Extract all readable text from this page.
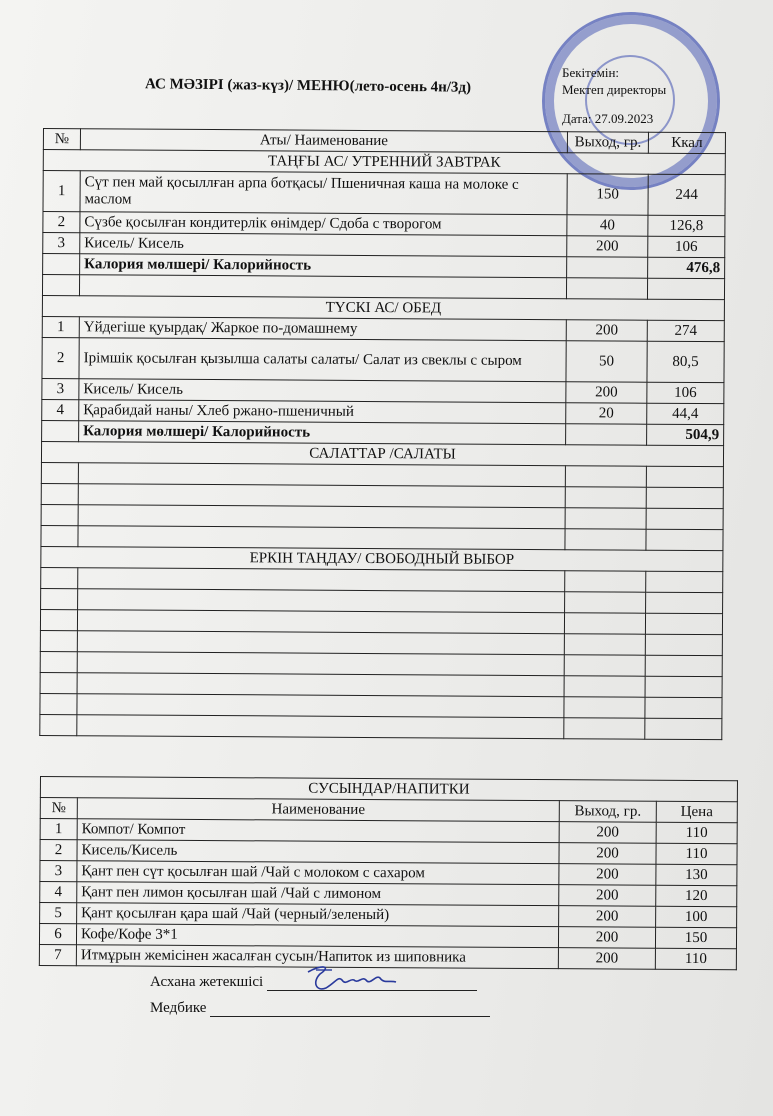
АС МӘЗІРІ (жаз-күз)/ МЕНЮ(лето-осень 4н/3д)
Бекітемін:
Мектеп директоры
Дата: 27.09.2023
№	Аты/ Наименование	Выход, гр.	Ккал
ТАҢҒЫ АС/ УТРЕННИЙ ЗАВТРАК			
1	Сүт пен май қосыллған арпа ботқасы/ Пшеничная каша на молоке с маслом	150	244
2	Сүзбе қосылған кондитерлік өнімдер/ Сдоба с творогом	40	126,8
3	Кисель/ Кисель	200	106
	Калория мөлшері/ Калорийность		476,8

ТҮСКІ АС/ ОБЕД			
1	Үйдегіше қуырдақ/ Жаркое по-домашнему	200	274
2	Ірімшік қосылған қызылша салаты салаты/ Салат из свеклы с сыром	50	80,5
3	Кисель/ Кисель	200	106
4	Қарабидай наны/ Хлеб ржано-пшеничный	20	44,4
	Калория мөлшері/ Калорийность		504,9
САЛАТТАР /САЛАТЫ			

ЕРКІН ТАҢДАУ/ СВОБОДНЫЙ ВЫБОР			

СУСЫНДАР/НАПИТКИ			
№	Наименование	Выход, гр.	Цена
1	Компот/ Компот	200	110
2	Кисель/Кисель	200	110
3	Қант пен сүт қосылған шай /Чай с молоком с сахаром	200	130
4	Қант пен лимон қосылған шай /Чай с лимоном	200	120
5	Қант қосылған қара шай /Чай (черный/зеленый)	200	100
6	Кофе/Кофе 3*1	200	150
7	Итмұрын жемісінен жасалған сусын/Напиток из шиповника	200	110
Асхана жетекшісі
Медбике
